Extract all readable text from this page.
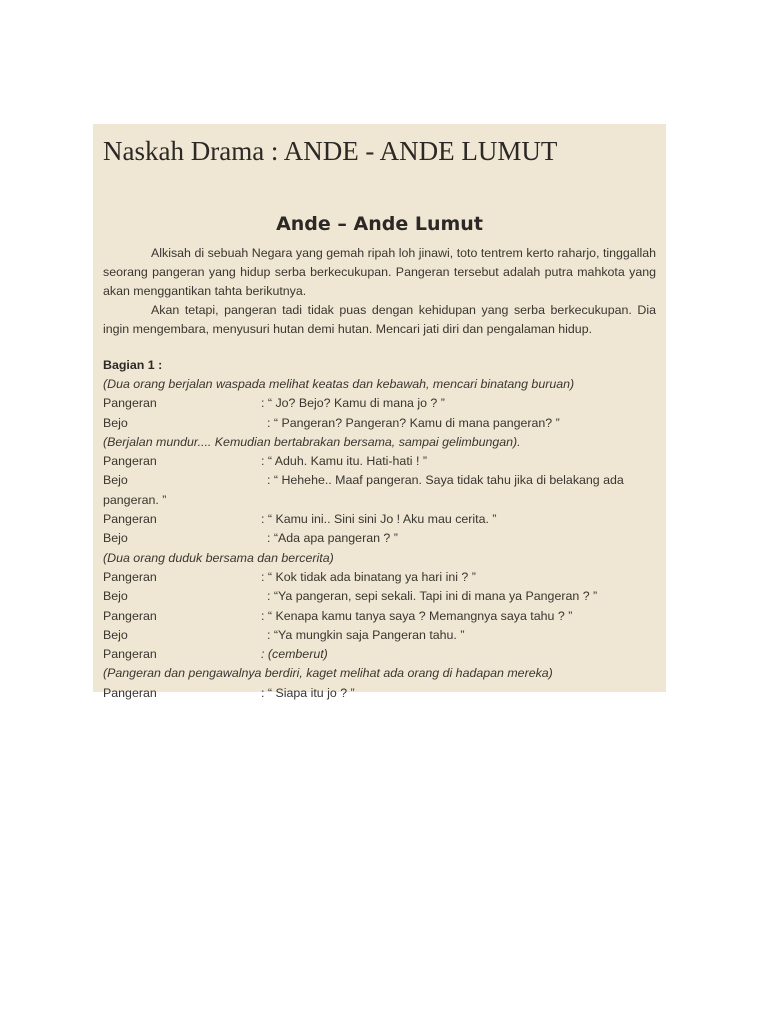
Naskah Drama : ANDE - ANDE LUMUT
Ande – Ande Lumut

Alkisah di sebuah Negara yang gemah ripah loh jinawi, toto tentrem kerto raharjo, tinggallah seorang pangeran yang hidup serba berkecukupan. Pangeran tersebut adalah putra mahkota yang akan menggantikan tahta berikutnya.

Akan tetapi, pangeran tadi tidak puas dengan kehidupan yang serba berkecukupan. Dia ingin mengembara, menyusuri hutan demi hutan. Mencari jati diri dan pengalaman hidup.

Bagian 1 :

(Dua orang berjalan waspada melihat keatas dan kebawah, mencari binatang buruan)

Pangeran	: “ Jo? Bejo? Kamu di mana jo ? ”
Bejo	: “ Pangeran? Pangeran? Kamu di mana pangeran? ”

(Berjalan mundur.... Kemudian bertabrakan bersama, sampai gelimbungan).

Pangeran	: “ Aduh. Kamu itu. Hati-hati ! ”
Bejo	: “ Hehehe.. Maaf pangeran. Saya tidak tahu jika di belakang ada

pangeran. ”

Pangeran	: “ Kamu ini.. Sini sini Jo ! Aku mau cerita. ”
Bejo	: “Ada apa pangeran ? ”

(Dua orang duduk bersama dan bercerita)

Pangeran	: “ Kok tidak ada binatang ya hari ini ? ”
Bejo	: “Ya pangeran, sepi sekali. Tapi ini di mana ya Pangeran ? ”
Pangeran	: “ Kenapa kamu tanya saya ? Memangnya saya tahu ? ”
Bejo	: “Ya mungkin saja Pangeran tahu. ”
Pangeran	: (cemberut)

(Pangeran dan pengawalnya berdiri, kaget melihat ada orang di hadapan mereka)

Pangeran	: “ Siapa itu jo ? ”
